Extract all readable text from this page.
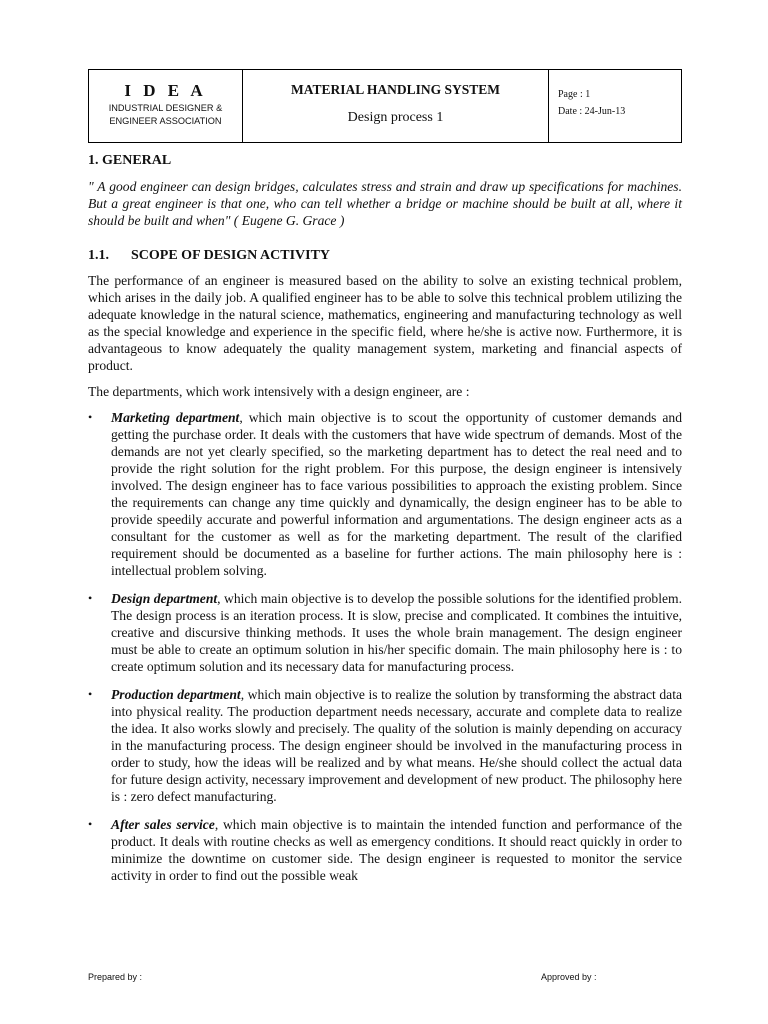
I D E A
INDUSTRIAL DESIGNER &
ENGINEER ASSOCIATION
MATERIAL HANDLING SYSTEM
Design process 1
Page : 1
Date : 24-Jun-13
1. GENERAL

" A good engineer can design bridges, calculates stress and strain and draw up specifications for machines. But a great engineer is that one, who can tell whether a bridge or machine should be built at all, where it should be built and when" ( Eugene G. Grace )

1.1.	SCOPE OF DESIGN ACTIVITY

The performance of an engineer is measured based on the ability to solve an existing technical problem, which arises in the daily job. A qualified engineer has to be able to solve this technical problem utilizing the adequate knowledge in the natural science, mathematics, engineering and manufacturing technology as well as the special knowledge and experience in the specific field, where he/she is active now. Furthermore, it is advantageous to know adequately the quality management system, marketing and financial aspects of product.

The departments, which work intensively with a design engineer, are :

• Marketing department, which main objective is to scout the opportunity of customer demands and getting the purchase order. It deals with the customers that have wide spectrum of demands. Most of the demands are not yet clearly specified, so the marketing department has to detect the real need and to provide the right solution for the right problem. For this purpose, the design engineer is intensively involved. The design engineer has to face various possibilities to approach the existing problem. Since the requirements can change any time quickly and dynamically, the design engineer has to be able to provide speedily accurate and powerful information and argumentations. The design engineer acts as a consultant for the customer as well as for the marketing department. The result of the clarified requirement should be documented as a baseline for further actions. The main philosophy here is : intellectual problem solving.
• Design department, which main objective is to develop the possible solutions for the identified problem. The design process is an iteration process. It is slow, precise and complicated. It combines the intuitive, creative and discursive thinking methods. It uses the whole brain management. The design engineer must be able to create an optimum solution in his/her specific domain. The main philosophy here is : to create optimum solution and its necessary data for manufacturing process.
• Production department, which main objective is to realize the solution by transforming the abstract data into physical reality. The production department needs necessary, accurate and complete data to realize the idea. It also works slowly and precisely. The quality of the solution is mainly depending on accuracy in the manufacturing process. The design engineer should be involved in the manufacturing process in order to study, how the ideas will be realized and by what means. He/she should collect the actual data for future design activity, necessary improvement and development of new product. The philosophy here is : zero defect manufacturing.
• After sales service, which main objective is to maintain the intended function and performance of the product. It deals with routine checks as well as emergency conditions. It should react quickly in order to minimize the downtime on customer side. The design engineer is requested to monitor the service activity in order to find out the possible weak
Prepared by :	Approved by :
